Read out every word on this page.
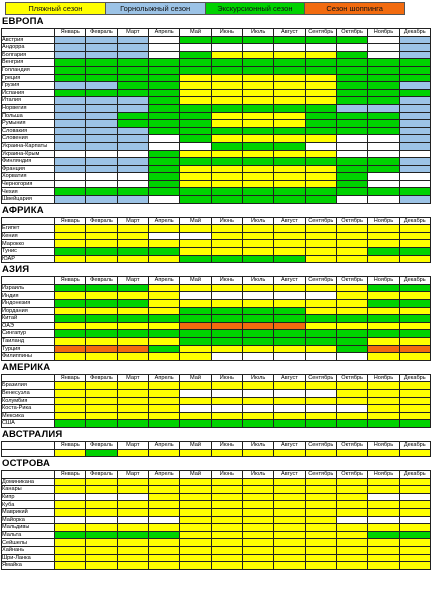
Пляжный сезон	Горнолыжный сезон	Экскурсионный сезон	Сезон шоппинга
ЕВРОПА
	Январь	Февраль	Март	Апрель	Май	Июнь	Июль	Август	Сентябрь	Октябрь	Ноябрь	Декабрь
Австрия												
Андорра												
Болгария												
Венгрия												
Голландия												
Греция												
Грузия												
Испания												
Италия												
Норвегия												
Польша												
Румыния												
Словакия												
Словения												
Украина-Карпаты												
Украина-Крым												
Финляндия												
Франция												
Хорватия												
Черногория												
Чехия												
Швейцария												
АФРИКА
	Январь	Февраль	Март	Апрель	Май	Июнь	Июль	Август	Сентябрь	Октябрь	Ноябрь	Декабрь
Египет												
Кения												
Марокко												
Тунис												
ЮАР												
АЗИЯ
	Январь	Февраль	Март	Апрель	Май	Июнь	Июль	Август	Сентябрь	Октябрь	Ноябрь	Декабрь
Израиль												
Индия												
Индонезия												
Иордания												
Китай												
ОАЭ												
Сингапур												
Таиланд												
Турция												
Филиппины												
АМЕРИКА
	Январь	Февраль	Март	Апрель	Май	Июнь	Июль	Август	Сентябрь	Октябрь	Ноябрь	Декабрь
Бразилия												
Венесуэла												
Колумбия												
Коста-Рика												
Мексика												
США												
АВСТРАЛИЯ
	Январь	Февраль	Март	Апрель	Май	Июнь	Июль	Август	Сентябрь	Октябрь	Ноябрь	Декабрь

ОСТРОВА
	Январь	Февраль	Март	Апрель	Май	Июнь	Июль	Август	Сентябрь	Октябрь	Ноябрь	Декабрь
Доминикана												
Канары												
Кипр												
Куба												
Маврикий												
Майорка												
Мальдивы												
Мальта												
Сейшелы												
Хайнань												
Шри-Ланка												
Ямайка												
